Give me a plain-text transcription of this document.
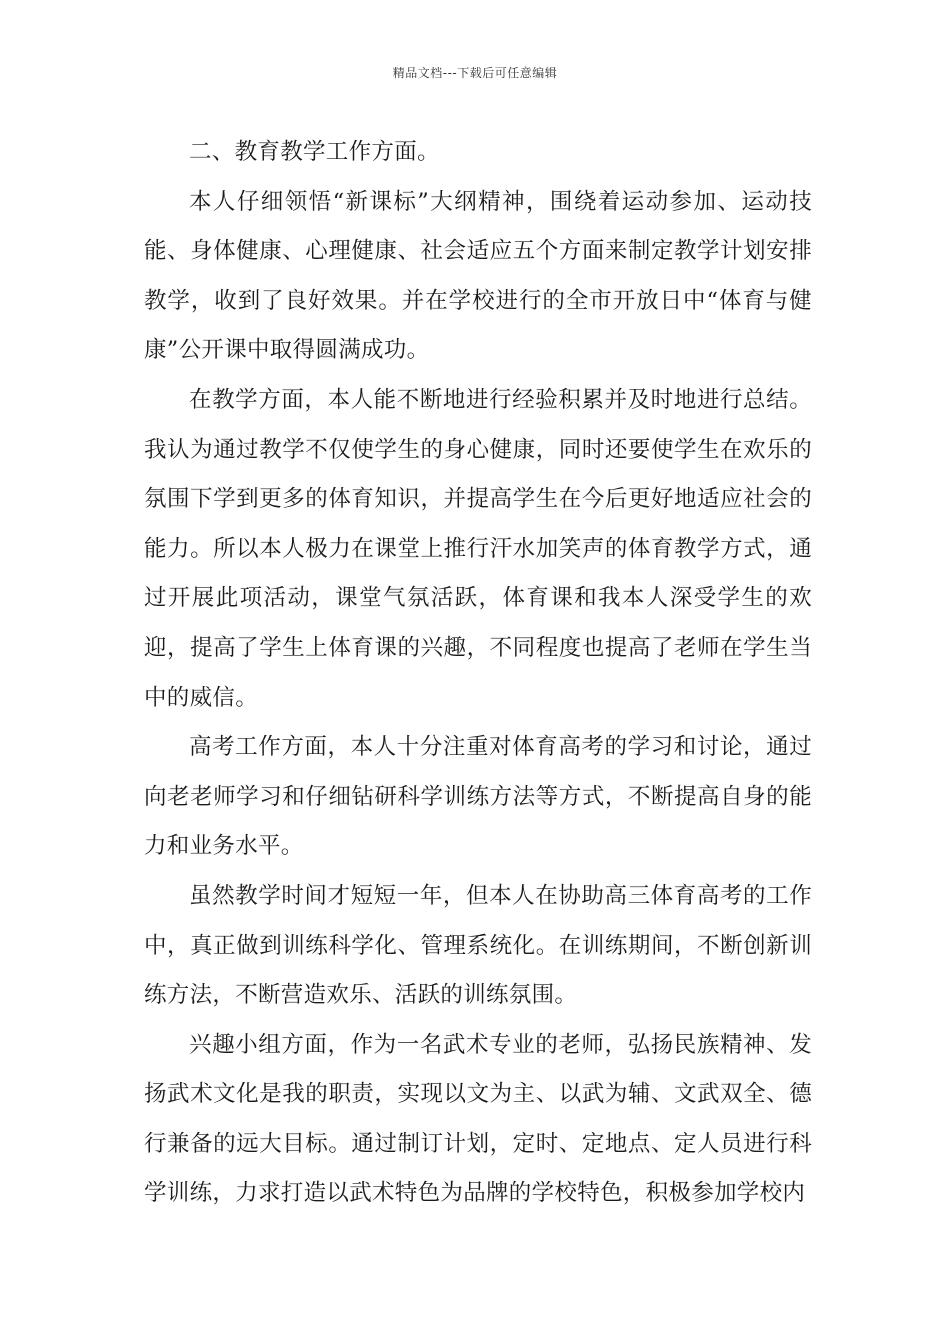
精品文档---下载后可任意编辑

二、教育教学工作方面。

本人仔细领悟“新课标”大纲精神，围绕着运动参加、运动技能、身体健康、心理健康、社会适应五个方面来制定教学计划安排教学，收到了良好效果。并在学校进行的全市开放日中“体育与健康”公开课中取得圆满成功。

在教学方面，本人能不断地进行经验积累并及时地进行总结。我认为通过教学不仅使学生的身心健康，同时还要使学生在欢乐的氛围下学到更多的体育知识，并提高学生在今后更好地适应社会的能力。所以本人极力在课堂上推行汗水加笑声的体育教学方式，通过开展此项活动，课堂气氛活跃，体育课和我本人深受学生的欢迎，提高了学生上体育课的兴趣，不同程度也提高了老师在学生当中的威信。

高考工作方面，本人十分注重对体育高考的学习和讨论，通过向老老师学习和仔细钻研科学训练方法等方式，不断提高自身的能力和业务水平。

虽然教学时间才短短一年，但本人在协助高三体育高考的工作中，真正做到训练科学化、管理系统化。在训练期间，不断创新训练方法，不断营造欢乐、活跃的训练氛围。

兴趣小组方面，作为一名武术专业的老师，弘扬民族精神、发扬武术文化是我的职责，实现以文为主、以武为辅、文武双全、德行兼备的远大目标。通过制订计划，定时、定地点、定人员进行科学训练，力求打造以武术特色为品牌的学校特色，积极参加学校内
